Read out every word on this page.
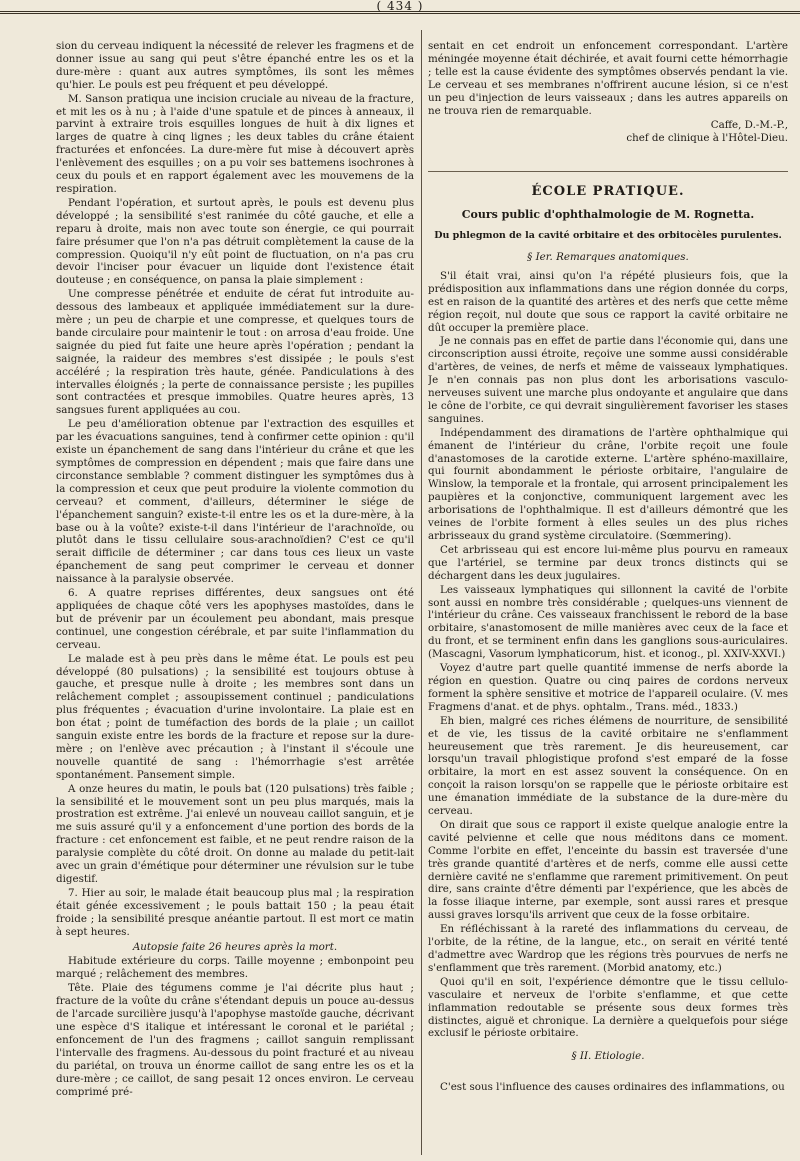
( 434 )

sion du cerveau indiquent la nécessité de relever les fragmens et de donner issue au sang qui peut s'être épanché entre les os et la dure-mère : quant aux autres symptômes, ils sont les mêmes qu'hier. Le pouls est peu fréquent et peu développé.

M. Sanson pratiqua une incision cruciale au niveau de la fracture, et mit les os à nu ; à l'aide d'une spatule et de pinces à anneaux, il parvint à extraire trois esquilles longues de huit à dix lignes et larges de quatre à cinq lignes ; les deux tables du crâne étaient fracturées et enfoncées. La dure-mère fut mise à découvert après l'enlèvement des esquilles ; on a pu voir ses battemens isochrones à ceux du pouls et en rapport également avec les mouvemens de la respiration.

Pendant l'opération, et surtout après, le pouls est devenu plus développé ; la sensibilité s'est ranimée du côté gauche, et elle a reparu à droite, mais non avec toute son énergie, ce qui pourrait faire présumer que l'on n'a pas détruit complètement la cause de la compression. Quoiqu'il n'y eût point de fluctuation, on n'a pas cru devoir l'inciser pour évacuer un liquide dont l'existence était douteuse ; en conséquence, on pansa la plaie simplement :

Une compresse pénétrée et enduite de cérat fut introduite au-dessous des lambeaux et appliquée immédiatement sur la dure-mère ; un peu de charpie et une compresse, et quelques tours de bande circulaire pour maintenir le tout : on arrosa d'eau froide. Une saignée du pied fut faite une heure après l'opération ; pendant la saignée, la raideur des membres s'est dissipée ; le pouls s'est accéléré ; la respiration très haute, génée. Pandiculations à des intervalles éloignés ; la perte de connaissance persiste ; les pupilles sont contractées et presque immobiles. Quatre heures après, 13 sangsues furent appliquées au cou.

Le peu d'amélioration obtenue par l'extraction des esquilles et par les évacuations sanguines, tend à confirmer cette opinion : qu'il existe un épanchement de sang dans l'intérieur du crâne et que les symptômes de compression en dépendent ; mais que faire dans une circonstance semblable ? comment distinguer les symptômes dus à la compression et ceux que peut produire la violente commotion du cerveau? et comment, d'ailleurs, déterminer le siége de l'épanchement sanguin? existe-t-il entre les os et la dure-mère, à la base ou à la voûte? existe-t-il dans l'intérieur de l'arachnoïde, ou plutôt dans le tissu cellulaire sous-arachnoïdien? C'est ce qu'il serait difficile de déterminer ; car dans tous ces lieux un vaste épanchement de sang peut comprimer le cerveau et donner naissance à la paralysie observée.

6. A quatre reprises différentes, deux sangsues ont été appliquées de chaque côté vers les apophyses mastoïdes, dans le but de prévenir par un écoulement peu abondant, mais presque continuel, une congestion cérébrale, et par suite l'inflammation du cerveau.

Le malade est à peu près dans le même état. Le pouls est peu développé (80 pulsations) ; la sensibilité est toujours obtuse à gauche, et presque nulle à droite ; les membres sont dans un relâchement complet ; assoupissement continuel ; pandiculations plus fréquentes ; évacuation d'urine involontaire. La plaie est en bon état ; point de tuméfaction des bords de la plaie ; un caillot sanguin existe entre les bords de la fracture et repose sur la dure-mère ; on l'enlève avec précaution ; à l'instant il s'écoule une nouvelle quantité de sang : l'hémorrhagie s'est arrêtée spontanément. Pansement simple.

A onze heures du matin, le pouls bat (120 pulsations) très faible ; la sensibilité et le mouvement sont un peu plus marqués, mais la prostration est extrême. J'ai enlevé un nouveau caillot sanguin, et je me suis assuré qu'il y a enfoncement d'une portion des bords de la fracture : cet enfoncement est faible, et ne peut rendre raison de la paralysie complète du côté droit. On donne au malade du petit-lait avec un grain d'émétique pour déterminer une révulsion sur le tube digestif.

7. Hier au soir, le malade était beaucoup plus mal ; la respiration était génée excessivement ; le pouls battait 150 ; la peau était froide ; la sensibilité presque anéantie partout. Il est mort ce matin à sept heures.

Autopsie faite 26 heures après la mort.

Habitude extérieure du corps. Taille moyenne ; embonpoint peu marqué ; relâchement des membres.

Tête. Plaie des tégumens comme je l'ai décrite plus haut ; fracture de la voûte du crâne s'étendant depuis un pouce au-dessus de l'arcade surcilière jusqu'à l'apophyse mastoïde gauche, décrivant une espèce d'S italique et intéressant le coronal et le pariétal ; enfoncement de l'un des fragmens ; caillot sanguin remplissant l'intervalle des fragmens. Au-dessous du point fracturé et au niveau du pariétal, on trouva un énorme caillot de sang entre les os et la dure-mère ; ce caillot, de sang pesait 12 onces environ. Le cerveau comprimé pré-

sentait en cet endroit un enfoncement correspondant. L'artère méningée moyenne était déchirée, et avait fourni cette hémorrhagie ; telle est la cause évidente des symptômes observés pendant la vie. Le cerveau et ses membranes n'offrirent aucune lésion, si ce n'est un peu d'injection de leurs vaisseaux ; dans les autres appareils on ne trouva rien de remarquable.

Caffe, D.-M.-P.,
chef de clinique à l'Hôtel-Dieu.
ÉCOLE PRATIQUE.
Cours public d'ophthalmologie de M. Rognetta.
Du phlegmon de la cavité orbitaire et des orbitocèles purulentes.
§ Ier. Remarques anatomiques.

S'il était vrai, ainsi qu'on l'a répété plusieurs fois, que la prédisposition aux inflammations dans une région donnée du corps, est en raison de la quantité des artères et des nerfs que cette même région reçoit, nul doute que sous ce rapport la cavité orbitaire ne dût occuper la première place.

Je ne connais pas en effet de partie dans l'économie qui, dans une circonscription aussi étroite, reçoive une somme aussi considérable d'artères, de veines, de nerfs et même de vaisseaux lymphatiques. Je n'en connais pas non plus dont les arborisations vasculo-nerveuses suivent une marche plus ondoyante et angulaire que dans le cône de l'orbite, ce qui devrait singulièrement favoriser les stases sanguines.

Indépendamment des diramations de l'artère ophthalmique qui émanent de l'intérieur du crâne, l'orbite reçoit une foule d'anastomoses de la carotide externe. L'artère sphéno-maxillaire, qui fournit abondamment le périoste orbitaire, l'angulaire de Winslow, la temporale et la frontale, qui arrosent principalement les paupières et la conjonctive, communiquent largement avec les arborisations de l'ophthalmique. Il est d'ailleurs démontré que les veines de l'orbite forment à elles seules un des plus riches arbrisseaux du grand système circulatoire. (Sœmmering).

Cet arbrisseau qui est encore lui-même plus pourvu en rameaux que l'artériel, se termine par deux troncs distincts qui se déchargent dans les deux jugulaires.

Les vaisseaux lymphatiques qui sillonnent la cavité de l'orbite sont aussi en nombre très considérable ; quelques-uns viennent de l'intérieur du crâne. Ces vaisseaux franchissent le rebord de la base orbitaire, s'anastomosent de mille manières avec ceux de la face et du front, et se terminent enfin dans les ganglions sous-auriculaires. (Mascagni, Vasorum lymphaticorum, hist. et iconog., pl. XXIV-XXVI.)

Voyez d'autre part quelle quantité immense de nerfs aborde la région en question. Quatre ou cinq paires de cordons nerveux forment la sphère sensitive et motrice de l'appareil oculaire. (V. mes Fragmens d'anat. et de phys. ophtalm., Trans. méd., 1833.)

Eh bien, malgré ces riches élémens de nourriture, de sensibilité et de vie, les tissus de la cavité orbitaire ne s'enflamment heureusement que très rarement. Je dis heureusement, car lorsqu'un travail phlogistique profond s'est emparé de la fosse orbitaire, la mort en est assez souvent la conséquence. On en conçoit la raison lorsqu'on se rappelle que le périoste orbitaire est une émanation immédiate de la substance de la dure-mère du cerveau.

On dirait que sous ce rapport il existe quelque analogie entre la cavité pelvienne et celle que nous méditons dans ce moment. Comme l'orbite en effet, l'enceinte du bassin est traversée d'une très grande quantité d'artères et de nerfs, comme elle aussi cette dernière cavité ne s'enflamme que rarement primitivement. On peut dire, sans crainte d'être démenti par l'expérience, que les abcès de la fosse iliaque interne, par exemple, sont aussi rares et presque aussi graves lorsqu'ils arrivent que ceux de la fosse orbitaire.

En réfléchissant à la rareté des inflammations du cerveau, de l'orbite, de la rétine, de la langue, etc., on serait en vérité tenté d'admettre avec Wardrop que les régions très pourvues de nerfs ne s'enflamment que très rarement. (Morbid anatomy, etc.)

Quoi qu'il en soit, l'expérience démontre que le tissu cellulo-vasculaire et nerveux de l'orbite s'enflamme, et que cette inflammation redoutable se présente sous deux formes très distinctes, aiguë et chronique. La dernière a quelquefois pour siége exclusif le périoste orbitaire.

§ II. Etiologie.

C'est sous l'influence des causes ordinaires des inflammations, ou
